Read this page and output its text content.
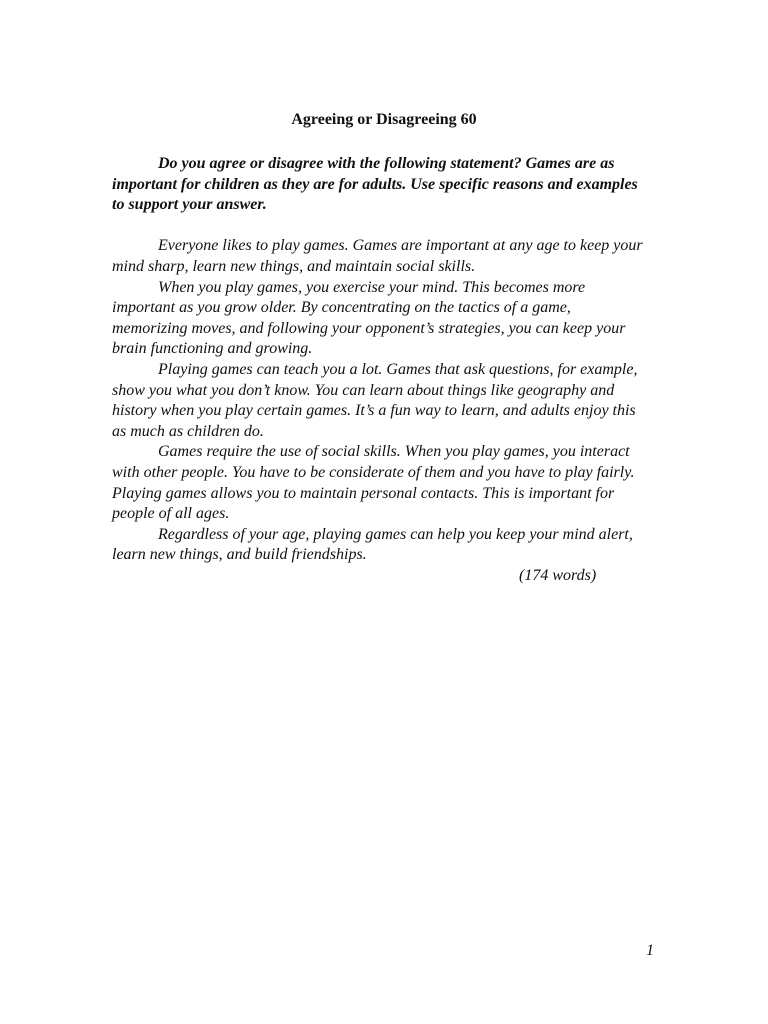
Agreeing or Disagreeing 60

Do you agree or disagree with the following statement? Games are as important for children as they are for adults. Use specific reasons and examples to support your answer.

Everyone likes to play games. Games are important at any age to keep your mind sharp, learn new things, and maintain social skills.

When you play games, you exercise your mind. This becomes more important as you grow older. By concentrating on the tactics of a game, memorizing moves, and following your opponent’s strategies, you can keep your brain functioning and growing.

Playing games can teach you a lot. Games that ask questions, for example, show you what you don’t know. You can learn about things like geography and history when you play certain games. It’s a fun way to learn, and adults enjoy this as much as children do.

Games require the use of social skills. When you play games, you interact with other people. You have to be considerate of them and you have to play fairly. Playing games allows you to maintain personal contacts. This is important for people of all ages.

Regardless of your age, playing games can help you keep your mind alert, learn new things, and build friendships.

(174 words)

1
